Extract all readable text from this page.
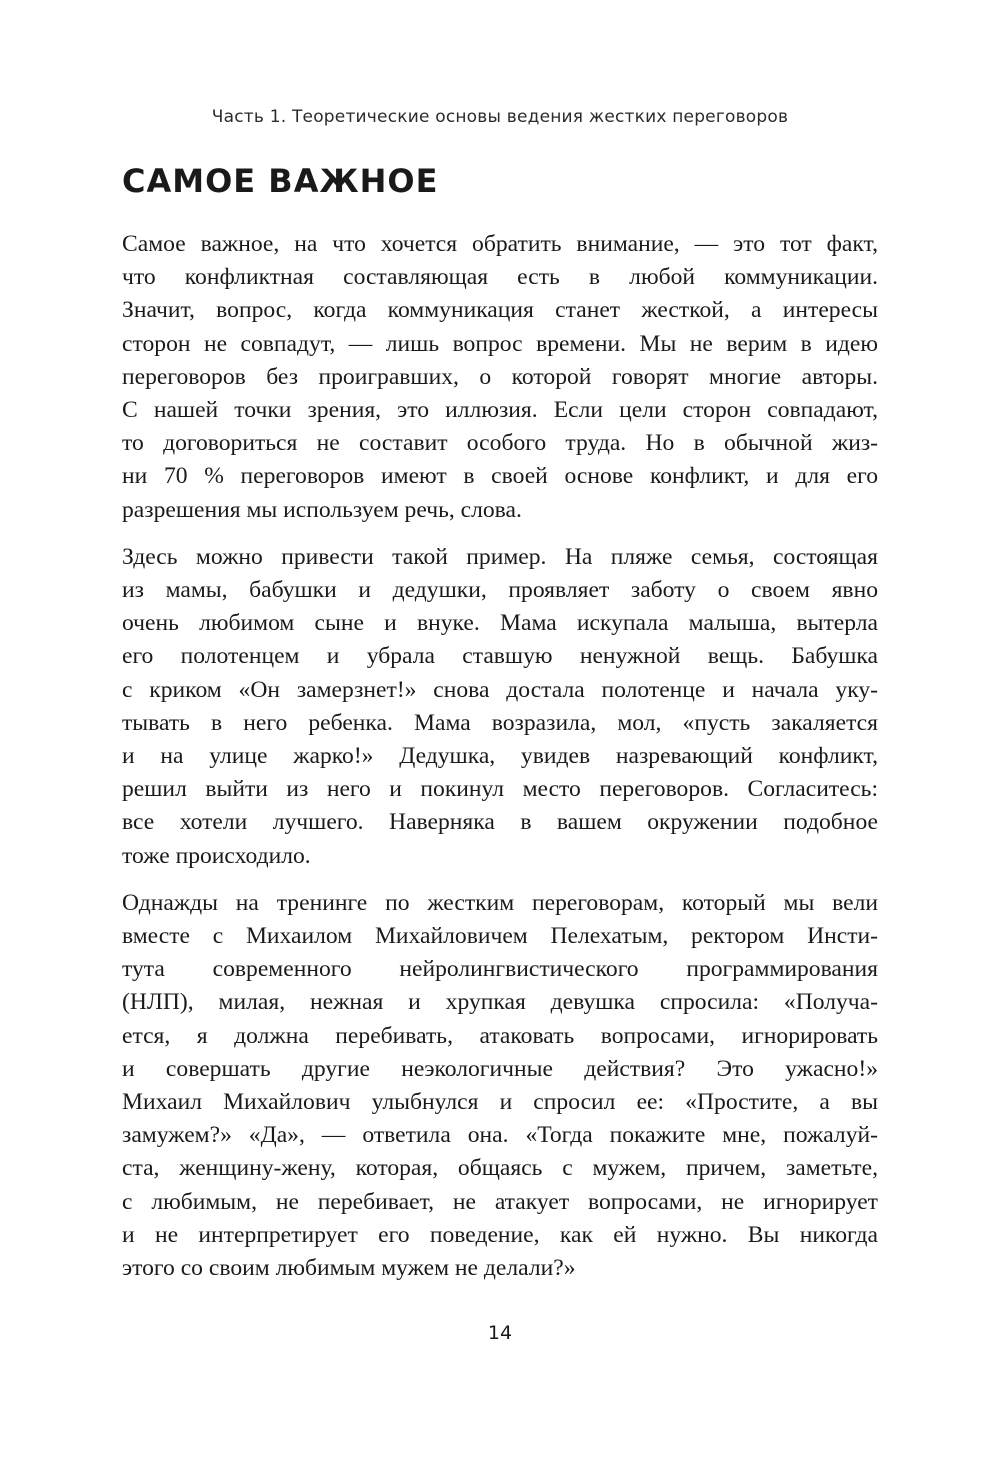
Часть 1. Теоретические основы ведения жестких переговоров
САМОЕ ВАЖНОЕ

Самое важное, на что хочется обратить внимание, — это тот факт,
что конфликтная составляющая есть в любой коммуникации.
Значит, вопрос, когда коммуникация станет жесткой, а интересы
сторон не совпадут, — лишь вопрос времени. Мы не верим в идею
переговоров без проигравших, о которой говорят многие авторы.
С нашей точки зрения, это иллюзия. Если цели сторон совпадают,
то договориться не составит особого труда. Но в обычной жиз-
ни 70 % переговоров имеют в своей основе конфликт, и для его
разрешения мы используем речь, слова.

Здесь можно привести такой пример. На пляже семья, состоящая
из мамы, бабушки и дедушки, проявляет заботу о своем явно
очень любимом сыне и внуке. Мама искупала малыша, вытерла
его полотенцем и убрала ставшую ненужной вещь. Бабушка
с криком «Он замерзнет!» снова достала полотенце и начала уку-
тывать в него ребенка. Мама возразила, мол, «пусть закаляется
и на улице жарко!» Дедушка, увидев назревающий конфликт,
решил выйти из него и покинул место переговоров. Согласитесь:
все хотели лучшего. Наверняка в вашем окружении подобное
тоже происходило.

Однажды на тренинге по жестким переговорам, который мы вели
вместе с Михаилом Михайловичем Пелехатым, ректором Инсти-
тута современного нейролингвистического программирования
(НЛП), милая, нежная и хрупкая девушка спросила: «Получа-
ется, я должна перебивать, атаковать вопросами, игнорировать
и совершать другие неэкологичные действия? Это ужасно!»
Михаил Михайлович улыбнулся и спросил ее: «Простите, а вы
замужем?» «Да», — ответила она. «Тогда покажите мне, пожалуй-
ста, женщину-жену, которая, общаясь с мужем, причем, заметьте,
с любимым, не перебивает, не атакует вопросами, не игнорирует
и не интерпретирует его поведение, как ей нужно. Вы никогда
этого со своим любимым мужем не делали?»

14
